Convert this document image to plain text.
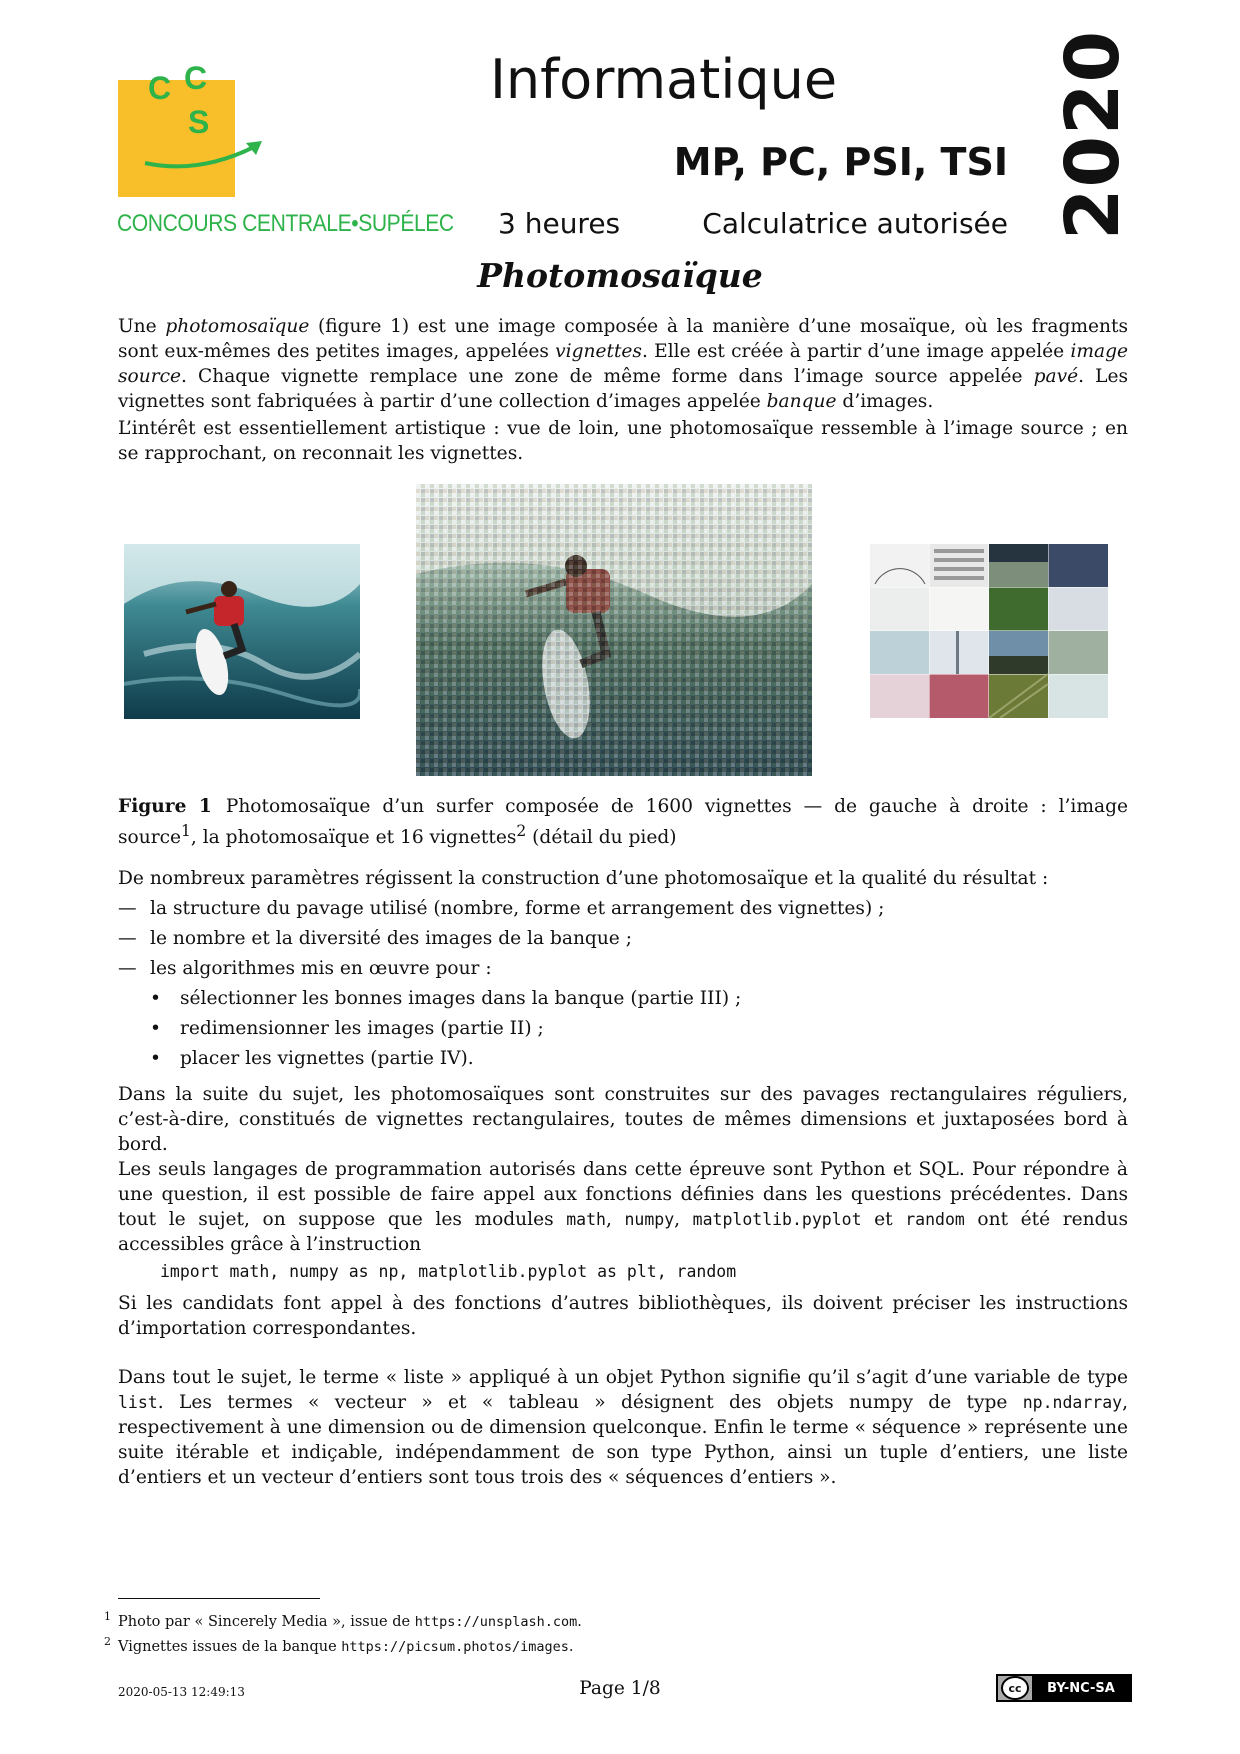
C C
S
CONCOURS CENTRALE•SUPÉLEC
Informatique
MP, PC, PSI, TSI
3 heures	Calculatrice autorisée 2020
Photomosaïque

Une photomosaïque (figure 1) est une image composée à la manière d’une mosaïque, où les fragments sont eux-mêmes des petites images, appelées vignettes. Elle est créée à partir d’une image appelée image source. Chaque vignette remplace une zone de même forme dans l’image source appelée pavé. Les vignettes sont fabriquées à partir d’une collection d’images appelée banque d’images.

L’intérêt est essentiellement artistique : vue de loin, une photomosaïque ressemble à l’image source ; en se rapprochant, on reconnait les vignettes.

Figure 1 Photomosaïque d’un surfer composée de 1600 vignettes — de gauche à droite : l’image source$^1$, la photomosaïque et 16 vignettes$^2$ (détail du pied)

De nombreux paramètres régissent la construction d’une photomosaïque et la qualité du résultat :

— la structure du pavage utilisé (nombre, forme et arrangement des vignettes) ;
— le nombre et la diversité des images de la banque ;
— les algorithmes mis en œuvre pour :
• sélectionner les bonnes images dans la banque (partie III) ;
• redimensionner les images (partie II) ;
• placer les vignettes (partie IV).
Dans la suite du sujet, les photomosaïques sont construites sur des pavages rectangulaires réguliers, c’est-à-dire, constitués de vignettes rectangulaires, toutes de mêmes dimensions et juxtaposées bord à bord.
Les seuls langages de programmation autorisés dans cette épreuve sont Python et SQL. Pour répondre à une question, il est possible de faire appel aux fonctions définies dans les questions précédentes. Dans tout le sujet, on suppose que les modules math, numpy, matplotlib.pyplot et random ont été rendus accessibles grâce à l’instruction
import math, numpy as np, matplotlib.pyplot as plt, random
Si les candidats font appel à des fonctions d’autres bibliothèques, ils doivent préciser les instructions d’importation correspondantes.
Dans tout le sujet, le terme « liste » appliqué à un objet Python signifie qu’il s’agit d’une variable de type list. Les termes « vecteur » et « tableau » désignent des objets numpy de type np.ndarray, respectivement à une dimension ou de dimension quelconque. Enfin le terme « séquence » représente une suite itérable et indiçable, indépendamment de son type Python, ainsi un tuple d’entiers, une liste d’entiers et un vecteur d’entiers sont tous trois des « séquences d’entiers ».
$^1$ Photo par « Sincerely Media », issue de https://unsplash.com.
$^2$ Vignettes issues de la banque https://picsum.photos/images.
2020-05-13 12:49:13	Page 1/8	cc	BY-NC-SA
